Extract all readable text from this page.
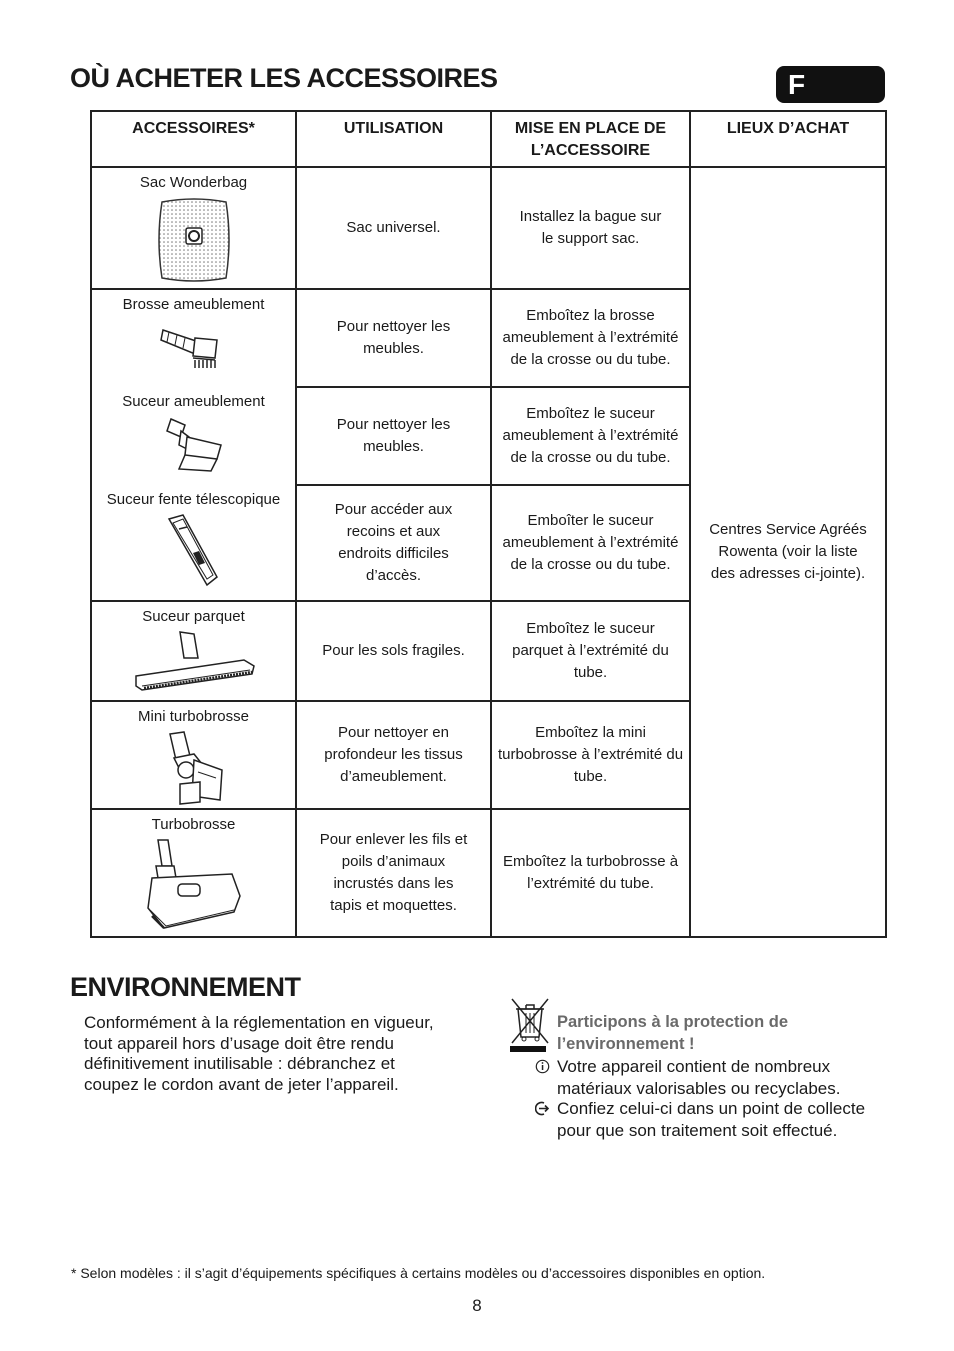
OÙ ACHETER LES ACCESSOIRES	F
ACCESSOIRES*	UTILISATION	MISE EN PLACE DE L’ACCESSOIRE	LIEUX D’ACHAT

Sac Wonderbag	Sac universel.	Installez la bague sur le support sac.	Centres Service Agréés Rowenta (voir la liste des adresses ci-jointe).

Brosse ameublement	Pour nettoyer les meubles.	Emboîtez la brosse ameublement à l’extrémité de la crosse ou du tube.	

Suceur ameublement	Pour nettoyer les meubles.	Emboîtez le suceur ameublement à l’extrémité de la crosse ou du tube.	

Suceur fente télescopique	Pour accéder aux recoins et aux endroits difficiles d’accès.	Emboîter le suceur ameublement à l’extrémité de la crosse ou du tube.	

Suceur parquet	Pour les sols fragiles.	Emboîtez le suceur parquet à l’extrémité du tube.	

Mini turbobrosse	Pour nettoyer en profondeur les tissus d’ameublement.	Emboîtez la mini turbobrosse à l’extrémité du tube.	

Turbobrosse	Pour enlever les fils et poils d’animaux incrustés dans les tapis et moquettes.	Emboîtez la turbobrosse à l’extrémité du tube.	
ENVIRONNEMENT

Conformément à la réglementation en vigueur, tout appareil hors d’usage doit être rendu définitivement inutilisable : débranchez et coupez le cordon avant de jeter l’appareil.

Participons à la protection de l’environnement !

Votre appareil contient de nombreux matériaux valorisables ou recyclabes.
Confiez celui-ci dans un point de collecte pour que son traitement soit effectué.

* Selon modèles : il s’agit d’équipements spécifiques à certains modèles ou d’accessoires disponibles en option.

8
